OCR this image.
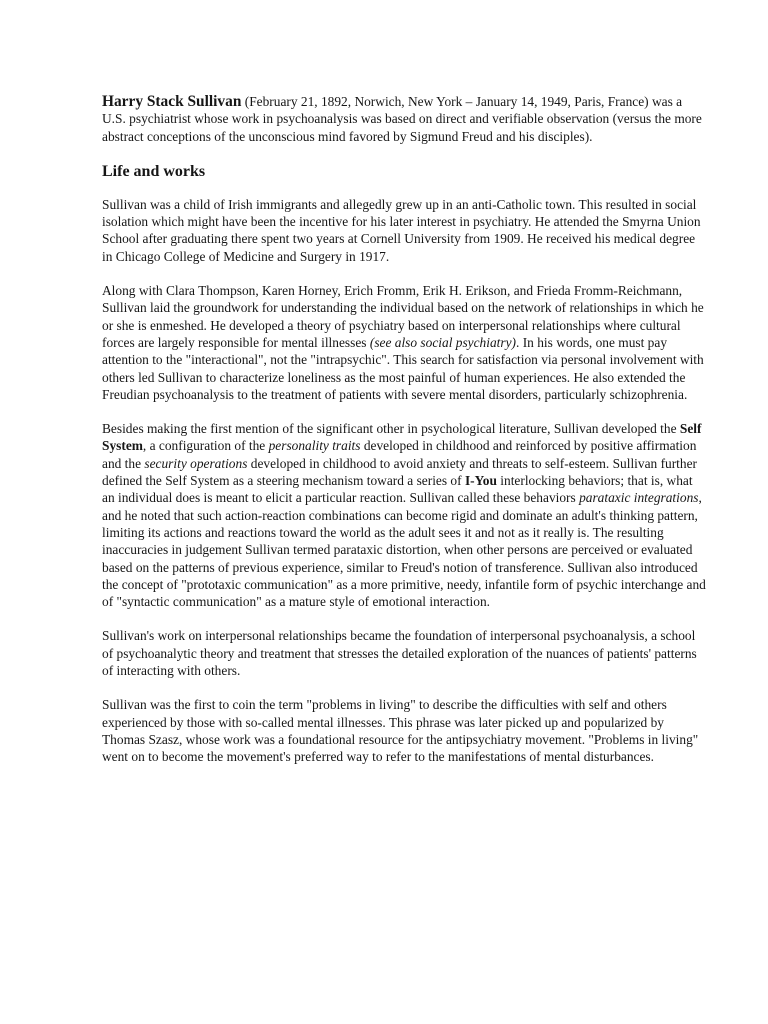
Harry Stack Sullivan (February 21, 1892, Norwich, New York – January 14, 1949, Paris, France) was a U.S. psychiatrist whose work in psychoanalysis was based on direct and verifiable observation (versus the more abstract conceptions of the unconscious mind favored by Sigmund Freud and his disciples).

Life and works

Sullivan was a child of Irish immigrants and allegedly grew up in an anti-Catholic town. This resulted in social isolation which might have been the incentive for his later interest in psychiatry. He attended the Smyrna Union School after graduating there spent two years at Cornell University from 1909. He received his medical degree in Chicago College of Medicine and Surgery in 1917.

Along with Clara Thompson, Karen Horney, Erich Fromm, Erik H. Erikson, and Frieda Fromm-Reichmann, Sullivan laid the groundwork for understanding the individual based on the network of relationships in which he or she is enmeshed. He developed a theory of psychiatry based on interpersonal relationships where cultural forces are largely responsible for mental illnesses (see also social psychiatry). In his words, one must pay attention to the "interactional", not the "intrapsychic". This search for satisfaction via personal involvement with others led Sullivan to characterize loneliness as the most painful of human experiences. He also extended the Freudian psychoanalysis to the treatment of patients with severe mental disorders, particularly schizophrenia.

Besides making the first mention of the significant other in psychological literature, Sullivan developed the Self System, a configuration of the personality traits developed in childhood and reinforced by positive affirmation and the security operations developed in childhood to avoid anxiety and threats to self-esteem. Sullivan further defined the Self System as a steering mechanism toward a series of I-You interlocking behaviors; that is, what an individual does is meant to elicit a particular reaction. Sullivan called these behaviors parataxic integrations, and he noted that such action-reaction combinations can become rigid and dominate an adult's thinking pattern, limiting its actions and reactions toward the world as the adult sees it and not as it really is. The resulting inaccuracies in judgement Sullivan termed parataxic distortion, when other persons are perceived or evaluated based on the patterns of previous experience, similar to Freud's notion of transference. Sullivan also introduced the concept of "prototaxic communication" as a more primitive, needy, infantile form of psychic interchange and of "syntactic communication" as a mature style of emotional interaction.

Sullivan's work on interpersonal relationships became the foundation of interpersonal psychoanalysis, a school of psychoanalytic theory and treatment that stresses the detailed exploration of the nuances of patients' patterns of interacting with others.

Sullivan was the first to coin the term "problems in living" to describe the difficulties with self and others experienced by those with so-called mental illnesses. This phrase was later picked up and popularized by Thomas Szasz, whose work was a foundational resource for the antipsychiatry movement. "Problems in living" went on to become the movement's preferred way to refer to the manifestations of mental disturbances.
